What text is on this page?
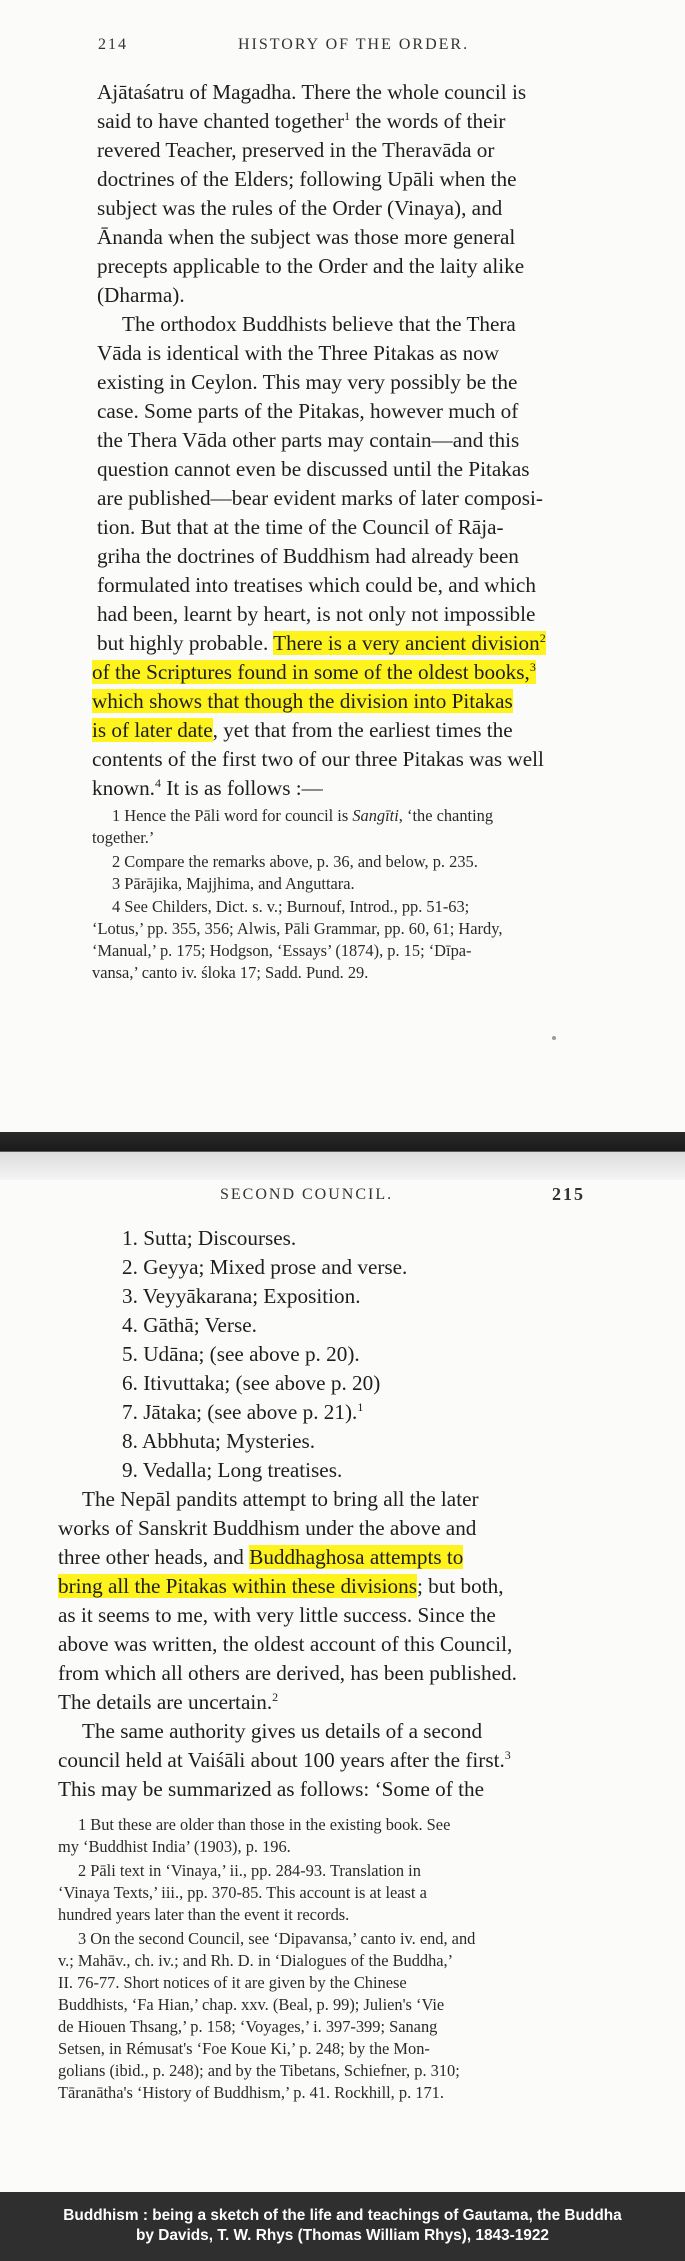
214	HISTORY OF THE ORDER.
SECOND COUNCIL.	215
Ajātaśatru of Magadha. There the whole council is
said to have chanted together$^1$ the words of their
revered Teacher, preserved in the Theravāda or
doctrines of the Elders; following Upāli when the
subject was the rules of the Order (Vinaya), and
Ānanda when the subject was those more general
precepts applicable to the Order and the laity alike
(Dharma).
The orthodox Buddhists believe that the Thera
Vāda is identical with the Three Pitakas as now
existing in Ceylon. This may very possibly be the
case. Some parts of the Pitakas, however much of
the Thera Vāda other parts may contain—and this
question cannot even be discussed until the Pitakas
are published—bear evident marks of later composi-
tion. But that at the time of the Council of Rāja-
griha the doctrines of Buddhism had already been
formulated into treatises which could be, and which
had been, learnt by heart, is not only not impossible
but highly probable. There is a very ancient division$^2$
of the Scriptures found in some of the oldest books,$^3$
which shows that though the division into Pitakas
is of later date, yet that from the earliest times the
contents of the first two of our three Pitakas was well
known.$^4$ It is as follows :—
1 Hence the Pāli word for council is Sangīti, ‘the chanting
together.’
2 Compare the remarks above, p. 36, and below, p. 235.
3 Pārājika, Majjhima, and Anguttara.
4 See Childers, Dict. s. v.; Burnouf, Introd., pp. 51-63;
‘Lotus,’ pp. 355, 356; Alwis, Pāli Grammar, pp. 60, 61; Hardy,
‘Manual,’ p. 175; Hodgson, ‘Essays’ (1874), p. 15; ‘Dīpa-
vansa,’ canto iv. śloka 17; Sadd. Pund. 29.
1. Sutta; Discourses.
2. Geyya; Mixed prose and verse.
3. Veyyākarana; Exposition.
4. Gāthā; Verse.
5. Udāna; (see above p. 20).
6. Itivuttaka; (see above p. 20)
7. Jātaka; (see above p. 21).$^1$
8. Abbhuta; Mysteries.
9. Vedalla; Long treatises.
The Nepāl pandits attempt to bring all the later
works of Sanskrit Buddhism under the above and
three other heads, and Buddhaghosa attempts to
bring all the Pitakas within these divisions; but both,
as it seems to me, with very little success. Since the
above was written, the oldest account of this Council,
from which all others are derived, has been published.
The details are uncertain.$^2$
The same authority gives us details of a second
council held at Vaiśāli about 100 years after the first.$^3$
This may be summarized as follows: ‘Some of the
1 But these are older than those in the existing book. See
my ‘Buddhist India’ (1903), p. 196.
2 Pāli text in ‘Vinaya,’ ii., pp. 284-93. Translation in
‘Vinaya Texts,’ iii., pp. 370-85. This account is at least a
hundred years later than the event it records.
3 On the second Council, see ‘Dipavansa,’ canto iv. end, and
v.; Mahāv., ch. iv.; and Rh. D. in ‘Dialogues of the Buddha,’
II. 76-77. Short notices of it are given by the Chinese
Buddhists, ‘Fa Hian,’ chap. xxv. (Beal, p. 99); Julien's ‘Vie
de Hiouen Thsang,’ p. 158; ‘Voyages,’ i. 397-399; Sanang
Setsen, in Rémusat's ‘Foe Koue Ki,’ p. 248; by the Mon-
golians (ibid., p. 248); and by the Tibetans, Schiefner, p. 310;
Tāranātha's ‘History of Buddhism,’ p. 41. Rockhill, p. 171.
Buddhism : being a sketch of the life and teachings of Gautama, the Buddha
by Davids, T. W. Rhys (Thomas William Rhys), 1843-1922
